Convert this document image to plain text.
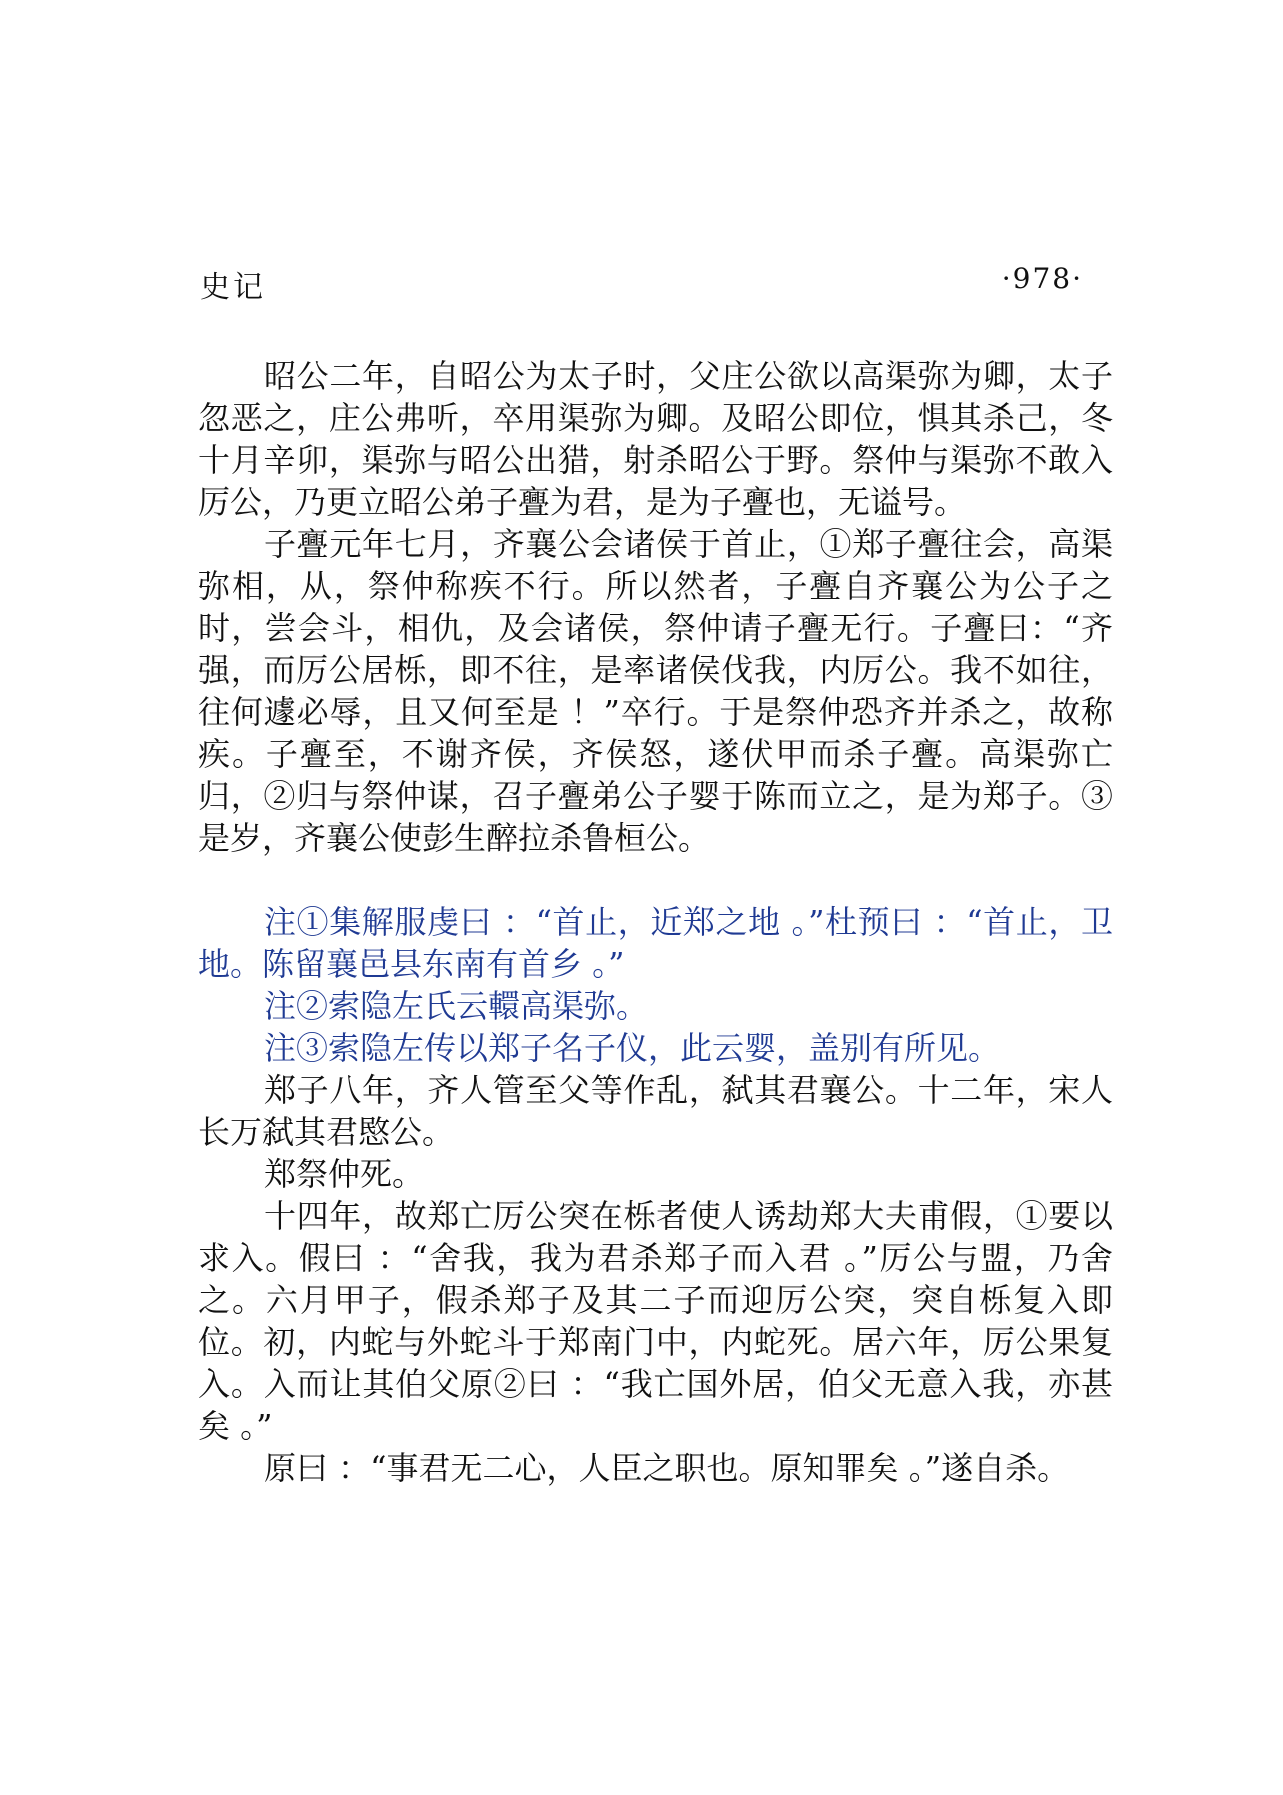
史记	·978·

昭公二年，自昭公为太子时，父庄公欲以高渠弥为卿，太子忽恶之，庄公弗听，卒用渠弥为卿。及昭公即位，惧其杀己，冬十月辛卯，渠弥与昭公出猎，射杀昭公于野。祭仲与渠弥不敢入厉公，乃更立昭公弟子亹为君，是为子亹也，无谥号。

子亹元年七月，齐襄公会诸侯于首止，①郑子亹往会，高渠弥相，从，祭仲称疾不行。所以然者，子亹自齐襄公为公子之时，尝会斗，相仇，及会诸侯，祭仲请子亹无行。子亹曰：“齐强，而厉公居栎，即不往，是率诸侯伐我，内厉公。我不如往，往何遽必辱，且又何至是 ！”卒行。于是祭仲恐齐并杀之，故称疾。子亹至，不谢齐侯，齐侯怒，遂伏甲而杀子亹。高渠弥亡归，②归与祭仲谋，召子亹弟公子婴于陈而立之，是为郑子。③是岁，齐襄公使彭生醉拉杀鲁桓公。

注①集解服虔曰 ：“首止，近郑之地 。”杜预曰 ：“首止，卫地。陈留襄邑县东南有首乡 。”

注②索隐左氏云轘高渠弥。

注③索隐左传以郑子名子仪，此云婴，盖别有所见。

郑子八年，齐人管至父等作乱，弑其君襄公。十二年，宋人长万弑其君愍公。

郑祭仲死。

十四年，故郑亡厉公突在栎者使人诱劫郑大夫甫假，①要以求入。假曰 ：“舍我，我为君杀郑子而入君 。”厉公与盟，乃舍之。六月甲子，假杀郑子及其二子而迎厉公突，突自栎复入即位。初，内蛇与外蛇斗于郑南门中，内蛇死。居六年，厉公果复入。入而让其伯父原②曰 ：“我亡国外居，伯父无意入我，亦甚矣 。”

原曰 ：“事君无二心，人臣之职也。原知罪矣 。”遂自杀。
